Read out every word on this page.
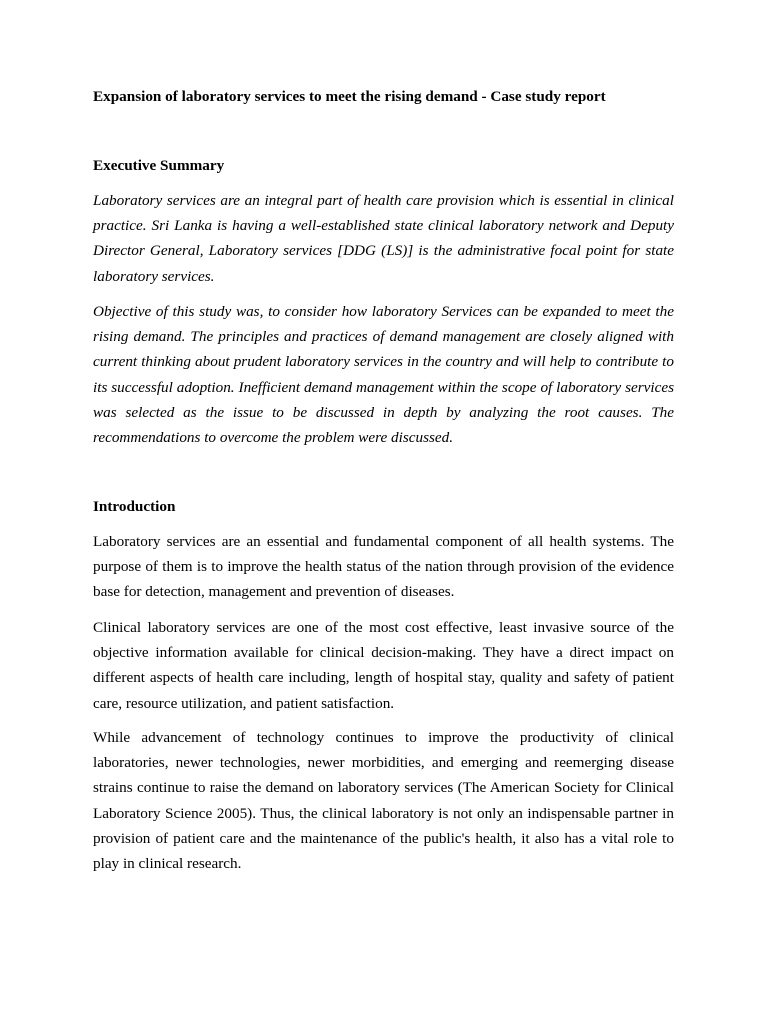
Expansion of laboratory services to meet the rising demand - Case study report
Executive Summary

Laboratory services are an integral part of health care provision which is essential in clinical practice. Sri Lanka is having a well-established state clinical laboratory network and Deputy Director General, Laboratory services [DDG (LS)] is the administrative focal point for state laboratory services.

Objective of this study was, to consider how laboratory Services can be expanded to meet the rising demand. The principles and practices of demand management are closely aligned with current thinking about prudent laboratory services in the country and will help to contribute to its successful adoption. Inefficient demand management within the scope of laboratory services was selected as the issue to be discussed in depth by analyzing the root causes. The recommendations to overcome the problem were discussed.

Introduction

Laboratory services are an essential and fundamental component of all health systems. The purpose of them is to improve the health status of the nation through provision of the evidence base for detection, management and prevention of diseases.

Clinical laboratory services are one of the most cost effective, least invasive source of the objective information available for clinical decision-making. They have a direct impact on different aspects of health care including, length of hospital stay, quality and safety of patient care, resource utilization, and patient satisfaction.

While advancement of technology continues to improve the productivity of clinical laboratories, newer technologies, newer morbidities, and emerging and reemerging disease strains continue to raise the demand on laboratory services (The American Society for Clinical Laboratory Science 2005). Thus, the clinical laboratory is not only an indispensable partner in provision of patient care and the maintenance of the public's health, it also has a vital role to play in clinical research.
